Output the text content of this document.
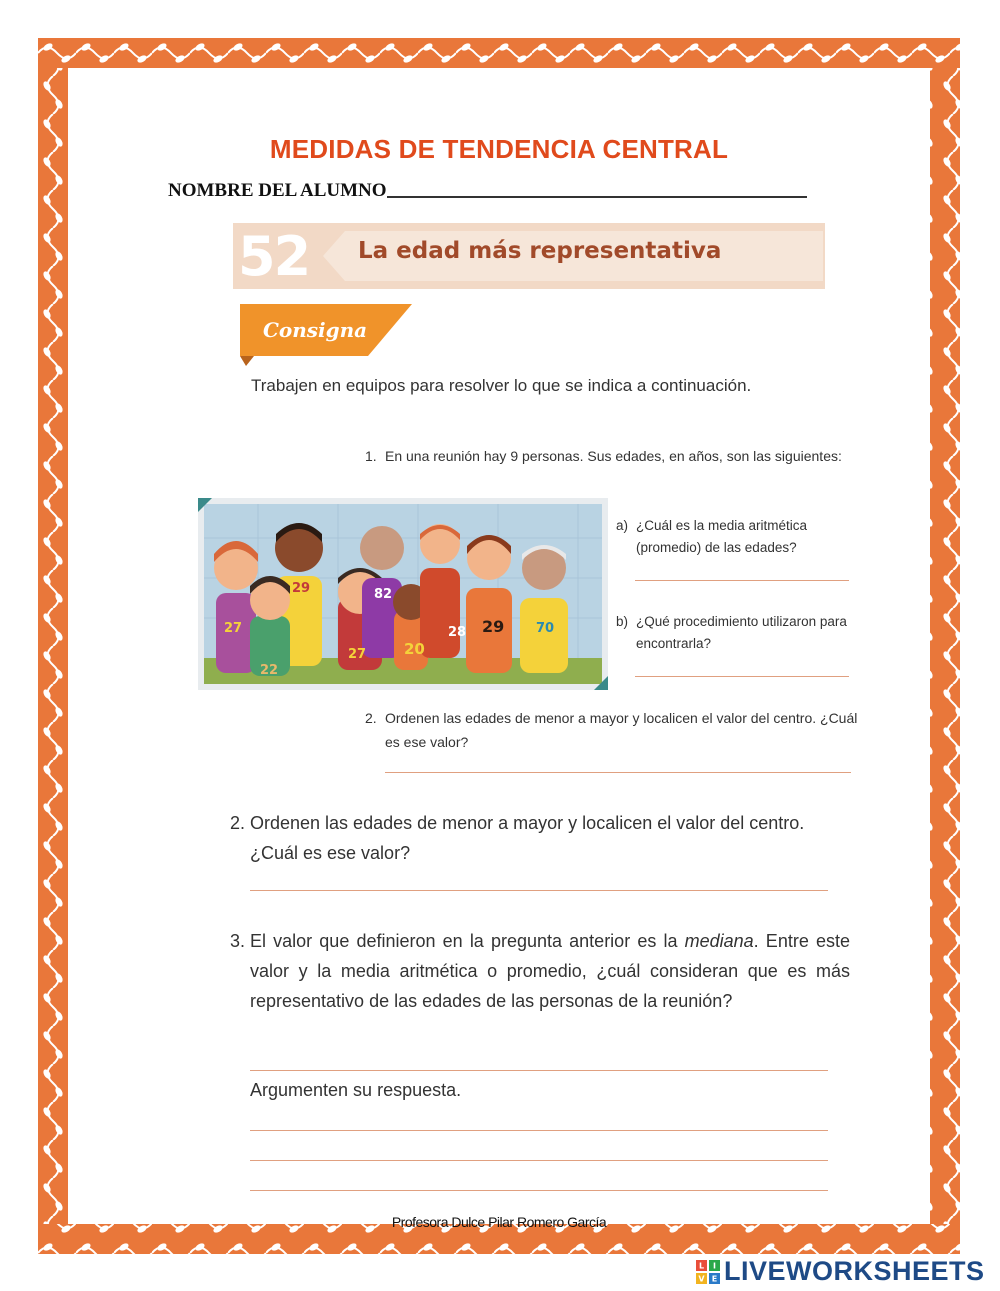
MEDIDAS DE TENDENCIA CENTRAL
NOMBRE DEL ALUMNO
52 La edad más representativa
Consigna
Trabajen en equipos para resolver lo que se indica a continuación.
1. En una reunión hay 9 personas. Sus edades, en años, son las siguientes:
27
29	82
28 29 70
20
27
22
a) ¿Cuál es la media aritmética (promedio) de las edades?
b) ¿Qué procedimiento utilizaron para encontrarla?
2. Ordenen las edades de menor a mayor y localicen el valor del centro. ¿Cuál es ese valor?
2. Ordenen las edades de menor a mayor y localicen el valor del centro. ¿Cuál es ese valor?
3. El valor que definieron en la pregunta anterior es la mediana. Entre este valor y la media aritmética o promedio, ¿cuál consideran que es más representativo de las edades de las personas de la reunión?
Argumenten su respuesta.
Profesora Dulce Pilar Romero García
L I
V E LIVEWORKSHEETS
